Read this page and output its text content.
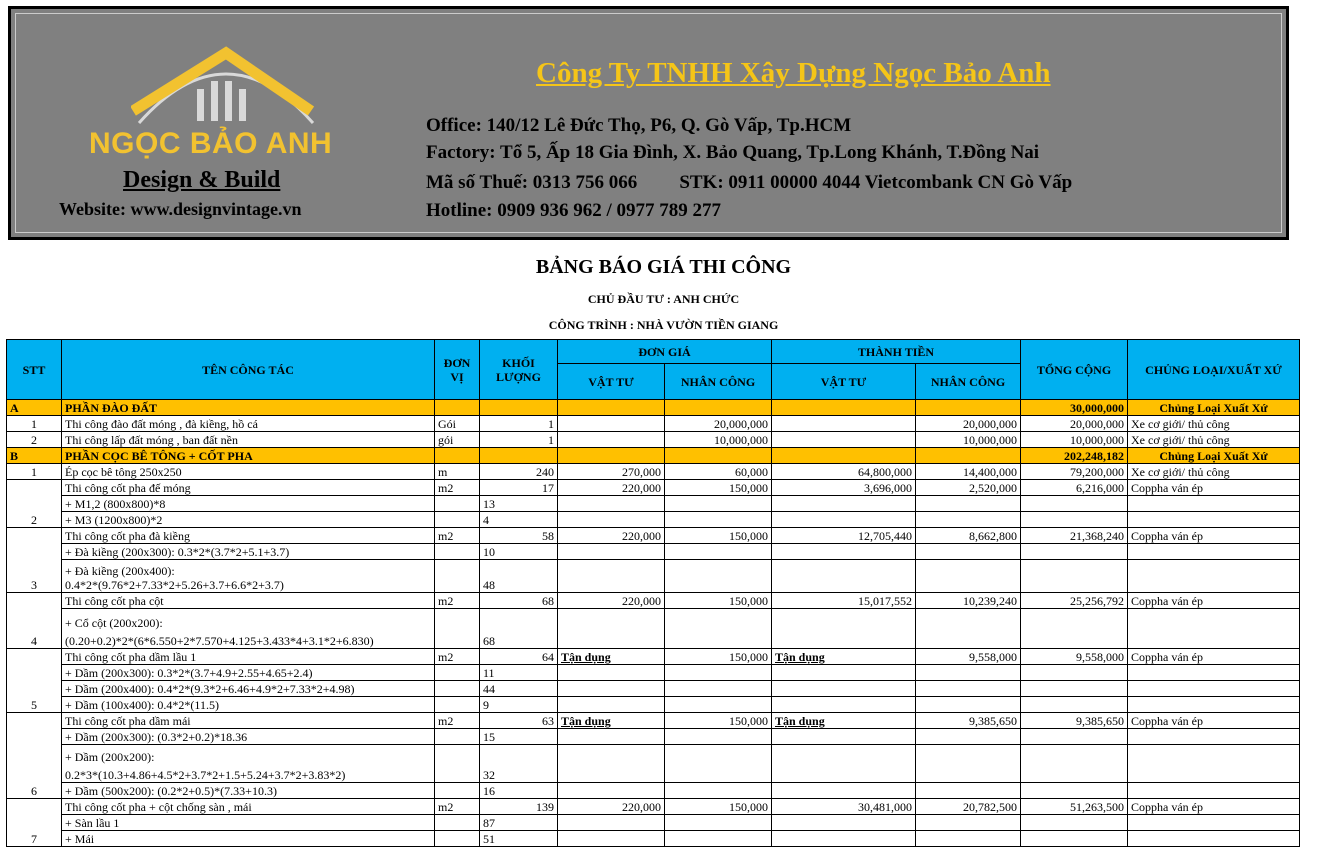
NGỌC BẢO ANH
Design & Build
Website: www.designvintage.vn
Công Ty TNHH Xây Dựng Ngọc Bảo Anh
Office: 140/12 Lê Đức Thọ, P6, Q. Gò Vấp, Tp.HCM
Factory: Tổ 5, Ấp 18 Gia Đình, X. Bảo Quang, Tp.Long Khánh, T.Đồng Nai
Mã số Thuế: 0313 756 066 STK: 0911 00000 4044 Vietcombank CN Gò Vấp
Hotline: 0909 936 962 / 0977 789 277
BẢNG BÁO GIÁ THI CÔNG
CHỦ ĐẦU TƯ : ANH CHỨC
CÔNG TRÌNH : NHÀ VƯỜN TIỀN GIANG
STT	TÊN CÔNG TÁC	ĐƠN VỊ	KHỐI LƯỢNG	ĐƠN GIÁ		THÀNH TIỀN		TỔNG CỘNG	CHỦNG LOẠI/XUẤT XỨ
				VẬT TƯ	NHÂN CÔNG	VẬT TƯ	NHÂN CÔNG		
A	PHẦN ĐÀO ĐẤT							30,000,000	Chủng Loại Xuất Xứ
1	Thi công đào đất móng , đà kiềng, hồ cá	Gói	1		20,000,000		20,000,000	20,000,000	Xe cơ giới/ thủ công
2	Thi công lấp đất móng , ban đất nền	gói	1		10,000,000		10,000,000	10,000,000	Xe cơ giới/ thủ công
B	PHẦN CỌC BÊ TÔNG + CỐT PHA							202,248,182	Chủng Loại Xuất Xứ
1	Ép cọc bê tông 250x250	m	240	270,000	60,000	64,800,000	14,400,000	79,200,000	Xe cơ giới/ thủ công
2	Thi công cốt pha đế móng	m2	17	220,000	150,000	3,696,000	2,520,000	6,216,000	Coppha ván ép
	+ M1,2 (800x800)*8		13						
	+ M3 (1200x800)*2		4						
3	Thi công cốt pha đà kiềng	m2	58	220,000	150,000	12,705,440	8,662,800	21,368,240	Coppha ván ép
	+ Đà kiềng (200x300): 0.3*2*(3.7*2+5.1+3.7)		10						

	+ Đà kiềng (200x400):
0.4*2*(9.76*2+7.33*2+5.26+3.7+6.6*2+3.7)		48						
4	Thi công cốt pha cột	m2	68	220,000	150,000	15,017,552	10,239,240	25,256,792	Coppha ván ép

	+ Cổ cột (200x200):
(0.20+0.2)*2*(6*6.550+2*7.570+4.125+3.433*4+3.1*2+6.830)		68						
5	Thi công cốt pha dầm lầu 1	m2	64	Tận dụng	150,000	Tận dụng	9,558,000	9,558,000	Coppha ván ép
	+ Dầm (200x300): 0.3*2*(3.7+4.9+2.55+4.65+2.4)		11						
	+ Dầm (200x400): 0.4*2*(9.3*2+6.46+4.9*2+7.33*2+4.98)		44						
	+ Dầm (100x400): 0.4*2*(11.5)		9						
6	Thi công cốt pha dầm mái	m2	63	Tận dụng	150,000	Tận dụng	9,385,650	9,385,650	Coppha ván ép
	+ Dầm (200x300): (0.3*2+0.2)*18.36		15						

	+ Dầm (200x200):
0.2*3*(10.3+4.86+4.5*2+3.7*2+1.5+5.24+3.7*2+3.83*2)		32						
	+ Dầm (500x200): (0.2*2+0.5)*(7.33+10.3)		16						
7	Thi công cốt pha + cột chống sàn , mái	m2	139	220,000	150,000	30,481,000	20,782,500	51,263,500	Coppha ván ép
	+ Sàn lầu 1		87						
	+ Mái		51						
